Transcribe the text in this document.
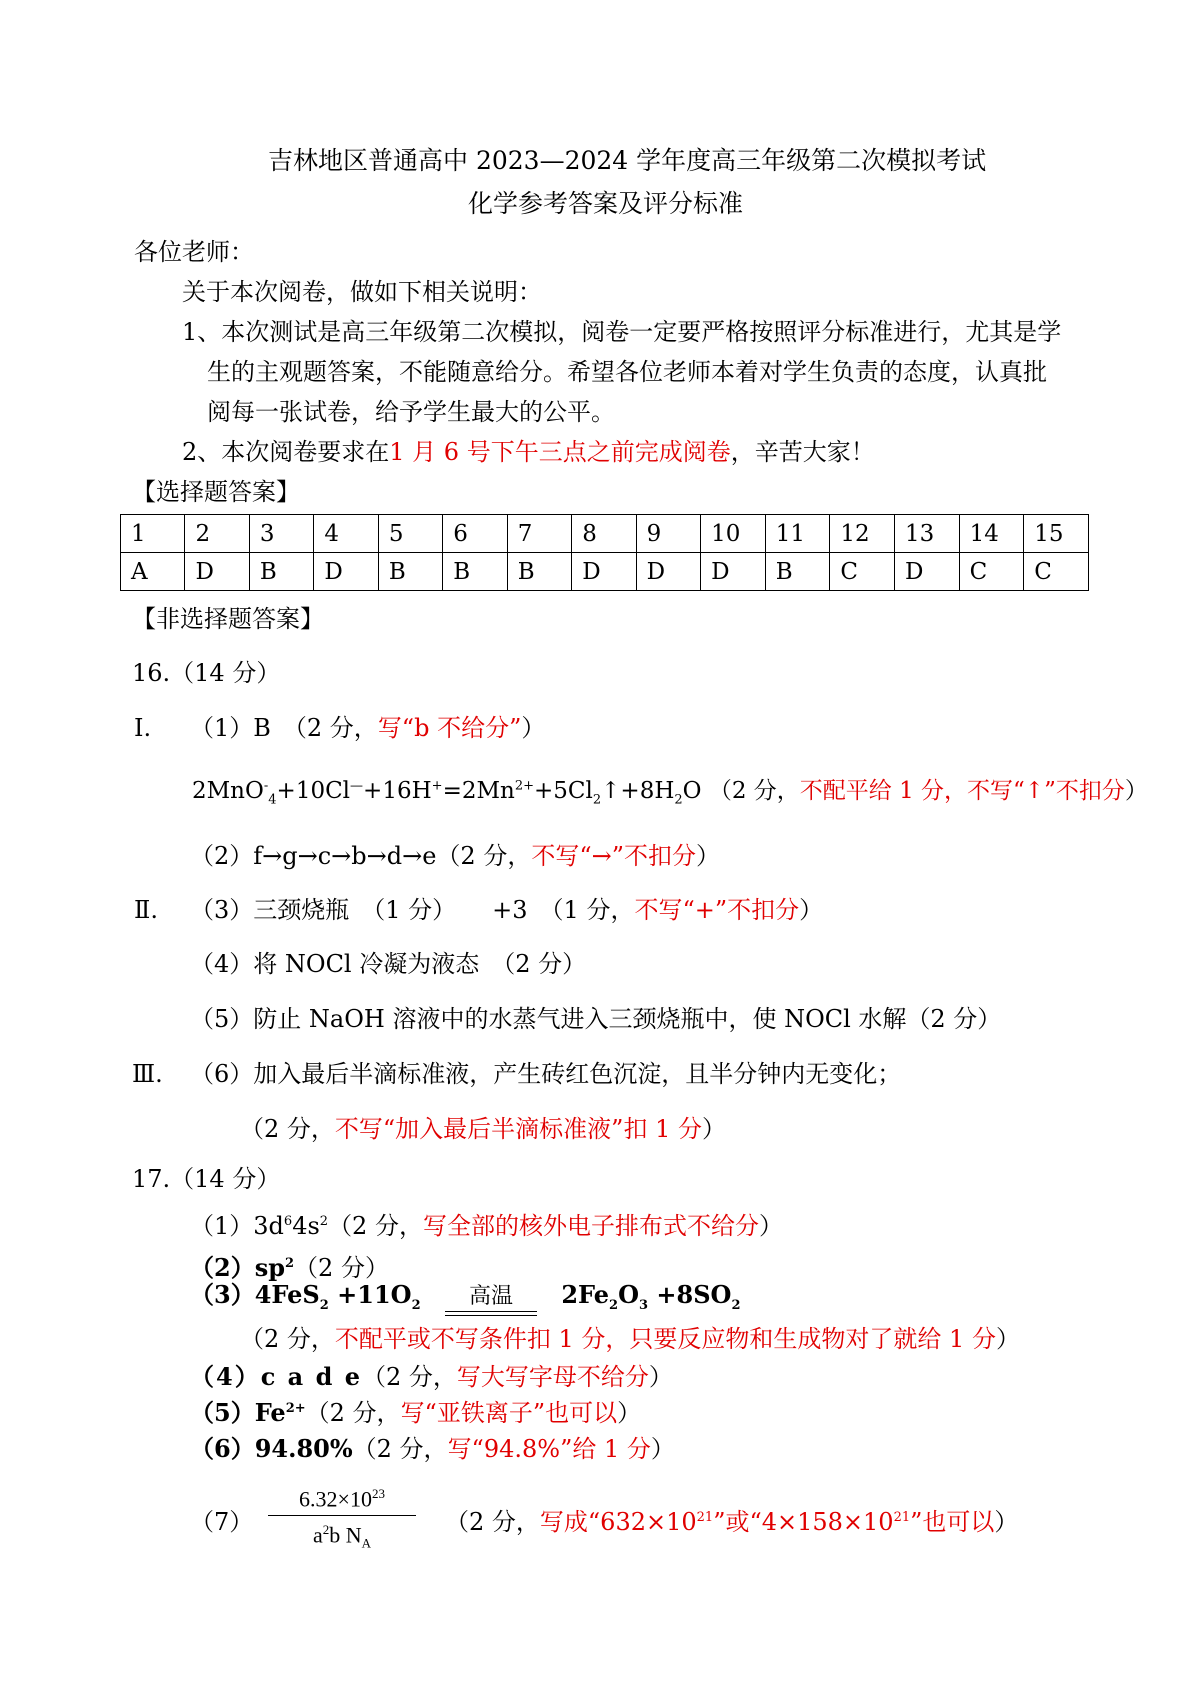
吉林地区普通高中 2023—2024 学年度高三年级第二次模拟考试
化学参考答案及评分标准
各位老师：
关于本次阅卷，做如下相关说明：
1、本次测试是高三年级第二次模拟，阅卷一定要严格按照评分标准进行，尤其是学
生的主观题答案，不能随意给分。希望各位老师本着对学生负责的态度，认真批
阅每一张试卷，给予学生最大的公平。
2、本次阅卷要求在1 月 6 号下午三点之前完成阅卷，辛苦大家！
【选择题答案】
1	2	3	4	5	6	7	8	9	10	11	12	13	14	15
A	D	B	D	B	B	B	D	D	D	B	C	D	C	C
【非选择题答案】
16.（14 分）
Ⅰ. （1）B　（2 分，写“b 不给分”）
$2MnO^-_4+10Cl^—+16H^+=2Mn^{2+}+5Cl_2↑+8H_2O$ （2 分，不配平给 1 分，不写“↑”不扣分）
（2）f→g→c→b→d→e（2 分，不写“→”不扣分）
Ⅱ. （3）三颈烧瓶　（1 分）　　+3　（1 分，不写“+”不扣分）
（4）将 NOCl 冷凝为液态　（2 分）
（5）防止 NaOH 溶液中的水蒸气进入三颈烧瓶中，使 NOCl 水解（2 分）
Ⅲ. （6）加入最后半滴标准液，产生砖红色沉淀，且半分钟内无变化；
（2 分，不写“加入最后半滴标准液”扣 1 分）
17.（14 分）
$(1)3d^64s^2(2$ 分，写全部的核外电子排布式不给分）
$(2)sp^2(2$ 分）
$(3)4FeS_2 +11O_2$	高温	$2Fe_2O_3 +8SO_2$
（2 分，不配平或不写条件扣 1 分，只要反应物和生成物对了就给 1 分）
（4）c a d e（2 分，写大写字母不给分）
$(5)Fe^{2+}(2$ 分，写“亚铁离子”也可以）
（6）94.80%（2 分，写“94.8%”给 1 分）
$(7) \frac{6.32\times 10^{23}}{a^2b N_A} (2$ 分，写成“$632\times 10^{21}$”或“$4\times 158\times 10^{21}$”也可以）
